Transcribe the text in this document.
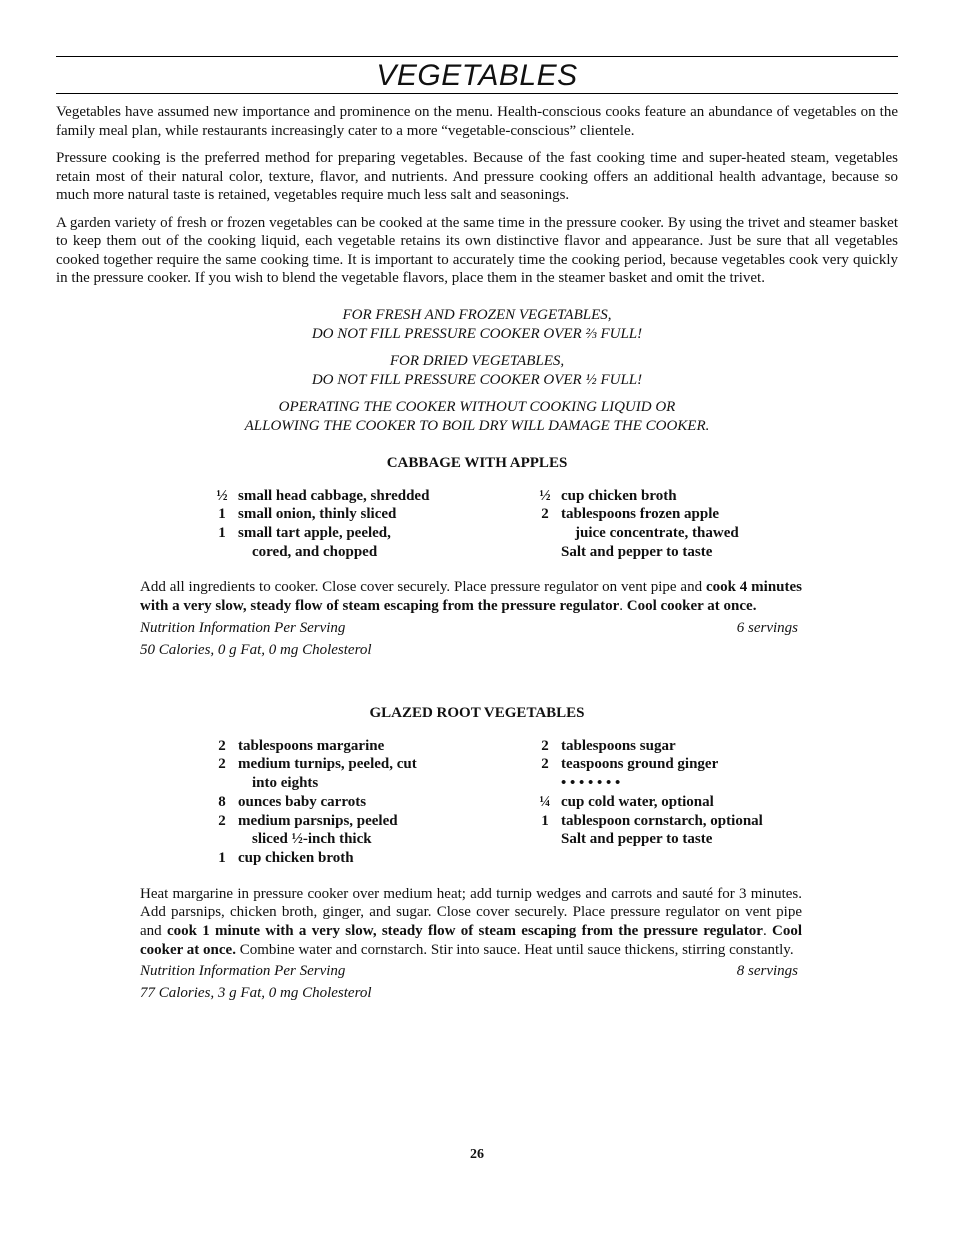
VEGETABLES

Vegetables have assumed new importance and prominence on the menu. Health-conscious cooks feature an abundance of vegetables on the family meal plan, while restaurants increasingly cater to a more “vegetable-conscious” clientele.

Pressure cooking is the preferred method for preparing vegetables. Because of the fast cooking time and super-heated steam, vegetables retain most of their natural color, texture, flavor, and nutrients. And pressure cooking offers an additional health advantage, because so much more natural taste is retained, vegetables require much less salt and seasonings.

A garden variety of fresh or frozen vegetables can be cooked at the same time in the pressure cooker. By using the trivet and steamer basket to keep them out of the cooking liquid, each vegetable retains its own distinctive flavor and appearance. Just be sure that all vegetables cooked together require the same cooking time. It is important to accurately time the cooking period, because vegetables cook very quickly in the pressure cooker. If you wish to blend the vegetable flavors, place them in the steamer basket and omit the trivet.

FOR FRESH AND FROZEN VEGETABLES,
DO NOT FILL PRESSURE COOKER OVER ⅔ FULL!
FOR DRIED VEGETABLES,
DO NOT FILL PRESSURE COOKER OVER ½ FULL!
OPERATING THE COOKER WITHOUT COOKING LIQUID OR
ALLOWING THE COOKER TO BOIL DRY WILL DAMAGE THE COOKER.
CABBAGE WITH APPLES
½ small head cabbage, shredded
1 small onion, thinly sliced
1 small tart apple, peeled,
cored, and chopped
½ cup chicken broth
2 tablespoons frozen apple
juice concentrate, thawed
Salt and pepper to taste

Add all ingredients to cooker. Close cover securely. Place pressure regulator on vent pipe and cook 4 minutes with a very slow, steady flow of steam escaping from the pressure regulator. Cool cooker at once.

Nutrition Information Per Serving	6 servings
50 Calories, 0 g Fat, 0 mg Cholesterol
GLAZED ROOT VEGETABLES
2 tablespoons margarine
2 medium turnips, peeled, cut
into eights
8 ounces baby carrots
2 medium parsnips, peeled
sliced ½-inch thick
1 cup chicken broth
2 tablespoons sugar
2 teaspoons ground ginger
• • • • • • •
¼ cup cold water, optional
1 tablespoon cornstarch, optional
Salt and pepper to taste

Heat margarine in pressure cooker over medium heat; add turnip wedges and carrots and sauté for 3 minutes. Add parsnips, chicken broth, ginger, and sugar. Close cover securely. Place pressure regulator on vent pipe and cook 1 minute with a very slow, steady flow of steam escaping from the pressure regulator. Cool cooker at once. Combine water and cornstarch. Stir into sauce. Heat until sauce thickens, stirring constantly.

Nutrition Information Per Serving	8 servings
77 Calories, 3 g Fat, 0 mg Cholesterol
26
